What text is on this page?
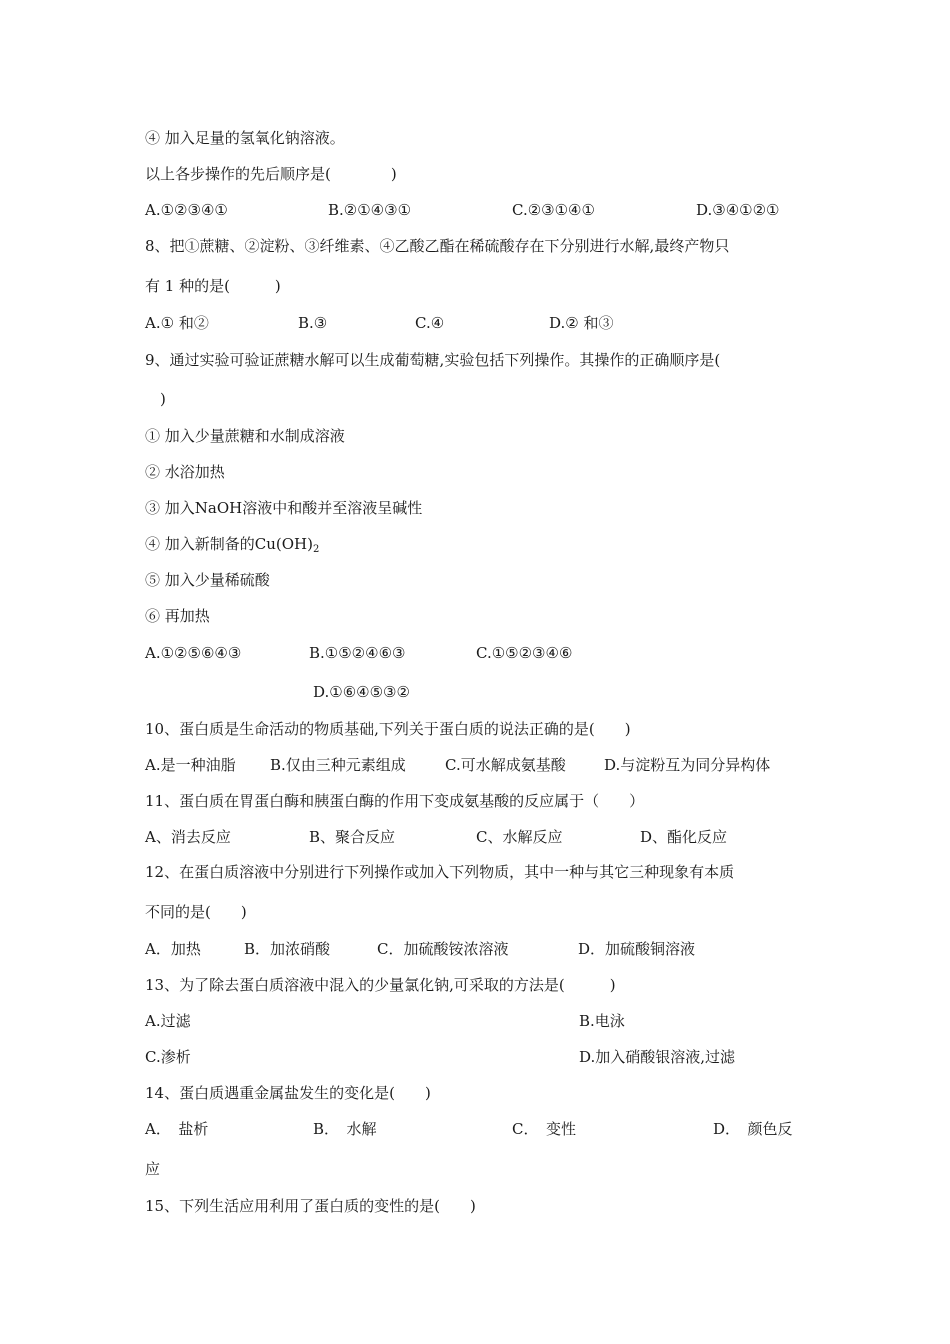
④ 加入足量的氢氧化钠溶液。
以上各步操作的先后顺序是(　　　　)
A.①②③④①	B.②①④③①	C.②③①④①	D.③④①②①
8、把①蔗糖、②淀粉、③纤维素、④乙酸乙酯在稀硫酸存在下分别进行水解,最终产物只
有 1 种的是(　　　)
A.① 和②	B.③	C.④	D.② 和③
9、通过实验可验证蔗糖水解可以生成葡萄糖,实验包括下列操作。其操作的正确顺序是(
　)
① 加入少量蔗糖和水制成溶液
② 水浴加热
③ 加入NaOH溶液中和酸并至溶液呈碱性
④ 加入新制备的$Cu(OH)_2$
⑤ 加入少量稀硫酸
⑥ 再加热
A.①②⑤⑥④③	B.①⑤②④⑥③	C.①⑤②③④⑥
D.①⑥④⑤③②
10、蛋白质是生命活动的物质基础,下列关于蛋白质的说法正确的是(　　)
A.是一种油脂 B.仅由三种元素组成	C.可水解成氨基酸	D.与淀粉互为同分异构体
11、蛋白质在胃蛋白酶和胰蛋白酶的作用下变成氨基酸的反应属于（　　）
A、消去反应	B、聚合反应	C、水解反应	D、酯化反应
12、在蛋白质溶液中分别进行下列操作或加入下列物质，其中一种与其它三种现象有本质
不同的是(　　)
A．加热	B．加浓硝酸	C．加硫酸铵浓溶液	D．加硫酸铜溶液
13、为了除去蛋白质溶液中混入的少量氯化钠,可采取的方法是(　　　)
A.过滤	B.电泳
C.渗析	D.加入硝酸银溶液,过滤
14、蛋白质遇重金属盐发生的变化是(　　)
A．　盐析	B．　水解	C．　变性	D．　颜色反
应
15、下列生活应用利用了蛋白质的变性的是(　　)
